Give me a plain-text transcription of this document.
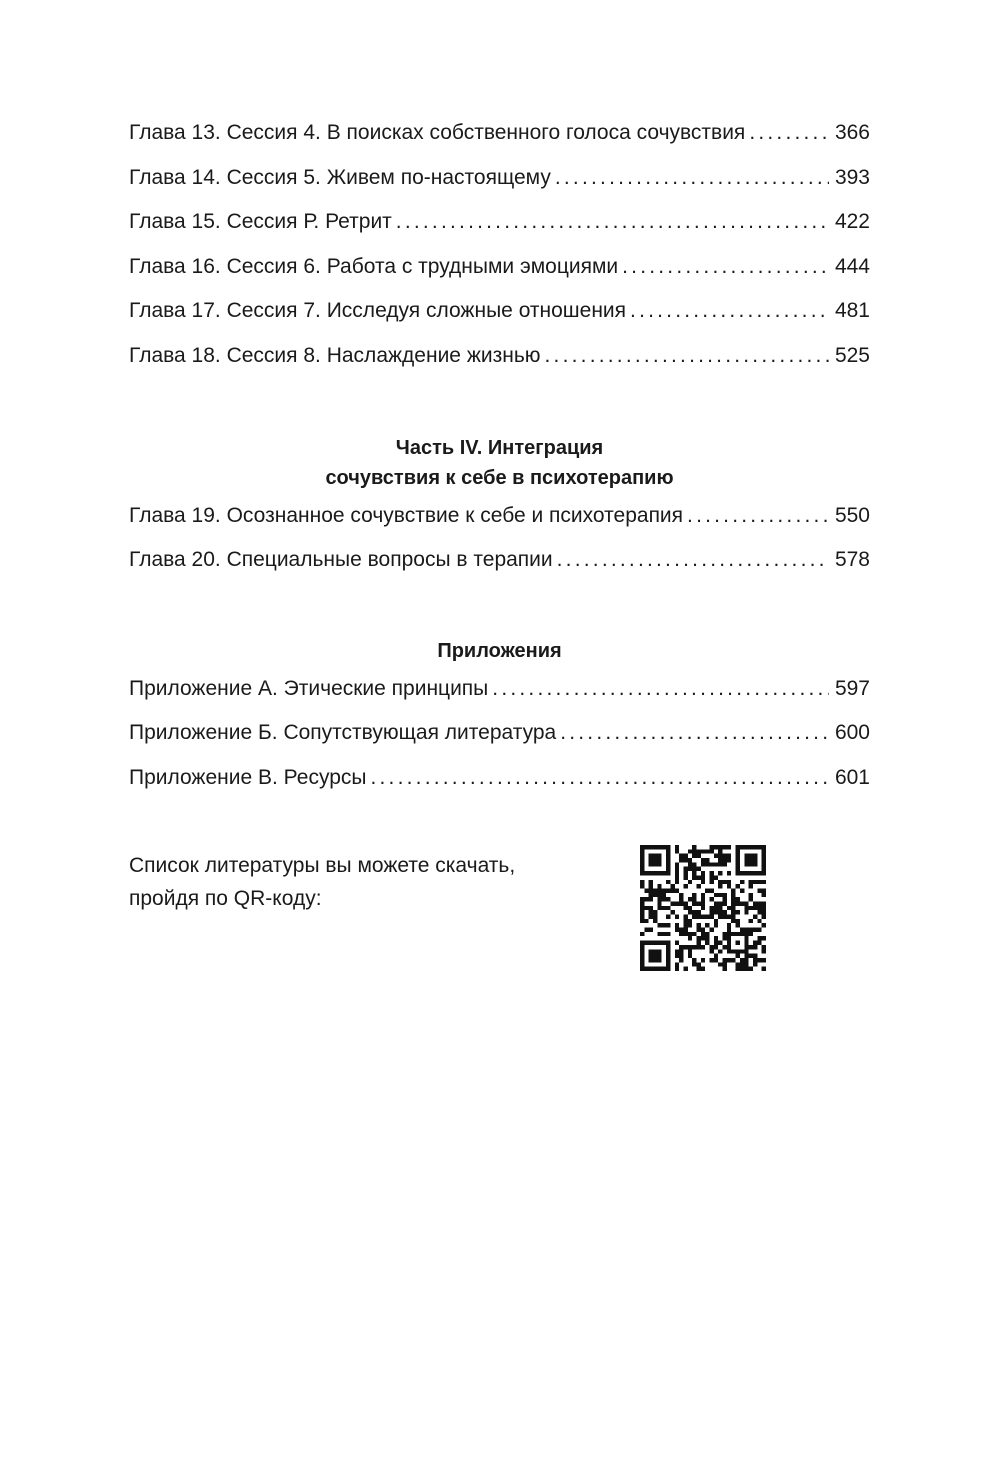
Глава 13. Сессия 4. В поисках собственного голоса сочувствия .....	366
Глава 14. Сессия 5. Живем по-настоящему .....	393
Глава 15. Сессия Р. Ретрит .....	422
Глава 16. Сессия 6. Работа с трудными эмоциями .....	444
Глава 17. Сессия 7. Исследуя сложные отношения .....	481
Глава 18. Сессия 8. Наслаждение жизнью .....	525
Часть IV. Интеграция
сочувствия к себе в психотерапию
Глава 19. Осознанное сочувствие к себе и психотерапия .....	550
Глава 20. Специальные вопросы в терапии .....	578
Приложения
Приложение А. Этические принципы .....	597
Приложение Б. Сопутствующая литература .....	600
Приложение В. Ресурсы .....	601
Список литературы вы можете скачать,
пройдя по QR-коду:
